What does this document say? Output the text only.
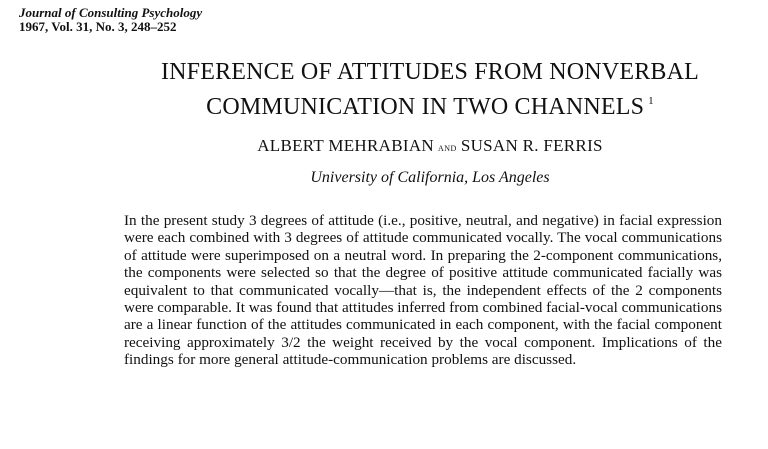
Journal of Consulting Psychology
1967, Vol. 31, No. 3, 248–252
INFERENCE OF ATTITUDES FROM NONVERBAL
COMMUNICATION IN TWO CHANNELS $^1$
ALBERT MEHRABIAN and SUSAN R. FERRIS
University of California, Los Angeles

In the present study 3 degrees of attitude (i.e., positive, neutral, and negative) in facial expression were each combined with 3 degrees of attitude communicated vocally. The vocal communications of attitude were superimposed on a neutral word. In preparing the 2-component communications, the components were selected so that the degree of positive attitude communicated facially was equivalent to that communicated vocally—that is, the independent effects of the 2 components were comparable. It was found that attitudes inferred from combined facial-vocal communications are a linear function of the attitudes communicated in each component, with the facial component receiving approximately 3/2 the weight received by the vocal component. Implications of the findings for more general attitude-communication problems are discussed.
